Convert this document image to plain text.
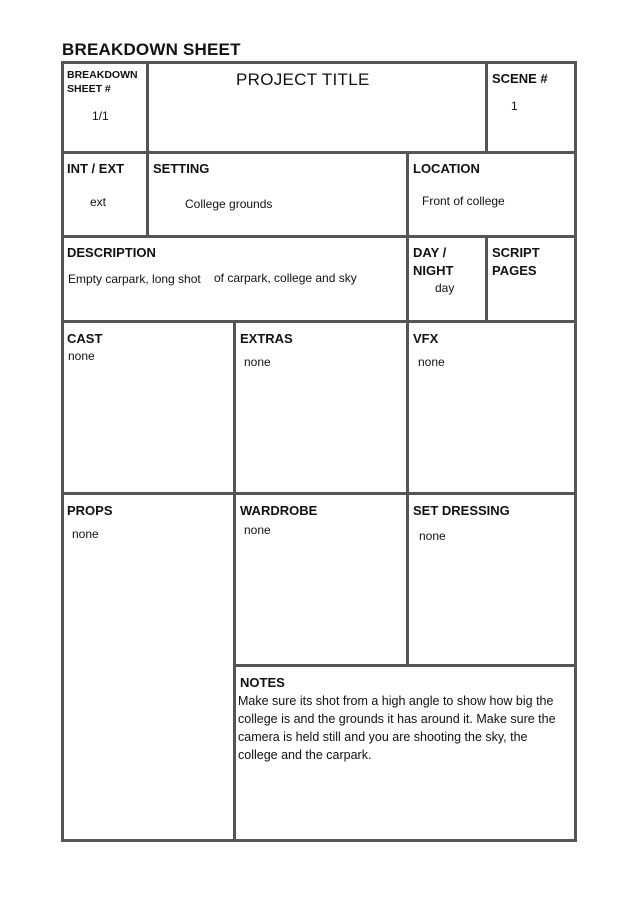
BREAKDOWN SHEET
BREAKDOWN SHEET #
1/1
PROJECT TITLE	SCENE #
1
INT / EXT
ext
SETTING
College grounds
LOCATION
Front of college
DESCRIPTION
Empty carpark, long shot of carpark, college and sky
DAY /
NIGHT
day
SCRIPT
PAGES
CAST
none
EXTRAS
none
VFX
none
PROPS
none
WARDROBE
none
SET DRESSING
none
NOTES
Make sure its shot from a high angle to show how big the
college is and the grounds it has around it. Make sure the
camera is held still and you are shooting the sky, the
college and the carpark.
